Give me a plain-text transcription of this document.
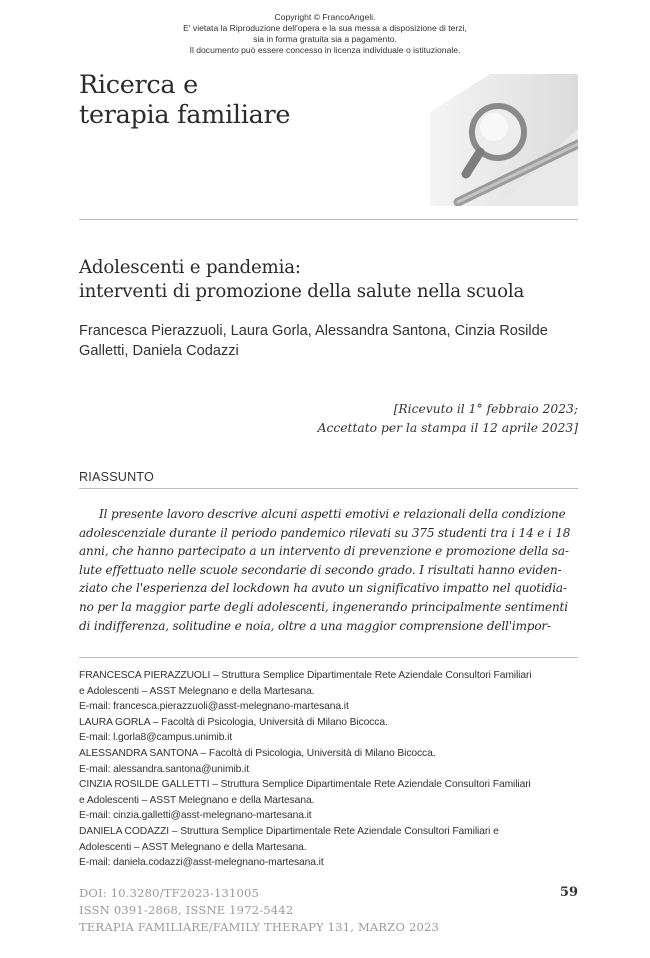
Copyright © FrancoAngeli.
E' vietata la Riproduzione dell'opera e la sua messa a disposizione di terzi,
sia in forma gratuita sia a pagamento.
Il documento può essere concesso in licenza individuale o istituzionale.
Ricerca e
terapia familiare
Adolescenti e pandemia:
interventi di promozione della salute nella scuola
Francesca Pierazzuoli, Laura Gorla, Alessandra Santona, Cinzia Rosilde Galletti, Daniela Codazzi
[Ricevuto il 1° febbraio 2023;
Accettato per la stampa il 12 aprile 2023]
RIASSUNTO
Il presente lavoro descrive alcuni aspetti emotivi e relazionali della condizione
adolescenziale durante il periodo pandemico rilevati su 375 studenti tra i 14 e i 18
anni, che hanno partecipato a un intervento di prevenzione e promozione della sa-
lute effettuato nelle scuole secondarie di secondo grado. I risultati hanno eviden-
ziato che l'esperienza del lockdown ha avuto un significativo impatto nel quotidia-
no per la maggior parte degli adolescenti, ingenerando principalmente sentimenti
di indifferenza, solitudine e noia, oltre a una maggior comprensione dell'impor-
FRANCESCA PIERAZZUOLI – Struttura Semplice Dipartimentale Rete Aziendale Consultori Familiari
e Adolescenti – ASST Melegnano e della Martesana.
E-mail: francesca.pierazzuoli@asst-melegnano-martesana.it
LAURA GORLA – Facoltà di Psicologia, Università di Milano Bicocca.
E-mail: l.gorla8@campus.unimib.it
ALESSANDRA SANTONA – Facoltà di Psicologia, Università di Milano Bicocca.
E-mail: alessandra.santona@unimib.it
CINZIA ROSILDE GALLETTI – Struttura Semplice Dipartimentale Rete Aziendale Consultori Familiari
e Adolescenti – ASST Melegnano e della Martesana.
E-mail: cinzia.galletti@asst-melegnano-martesana.it
DANIELA CODAZZI – Struttura Semplice Dipartimentale Rete Aziendale Consultori Familiari e
Adolescenti – ASST Melegnano e della Martesana.
E-mail: daniela.codazzi@asst-melegnano-martesana.it
DOI: 10.3280/TF2023-131005
ISSN 0391-2868, ISSNE 1972-5442
TERAPIA FAMILIARE/FAMILY THERAPY 131, MARZO 2023
59
